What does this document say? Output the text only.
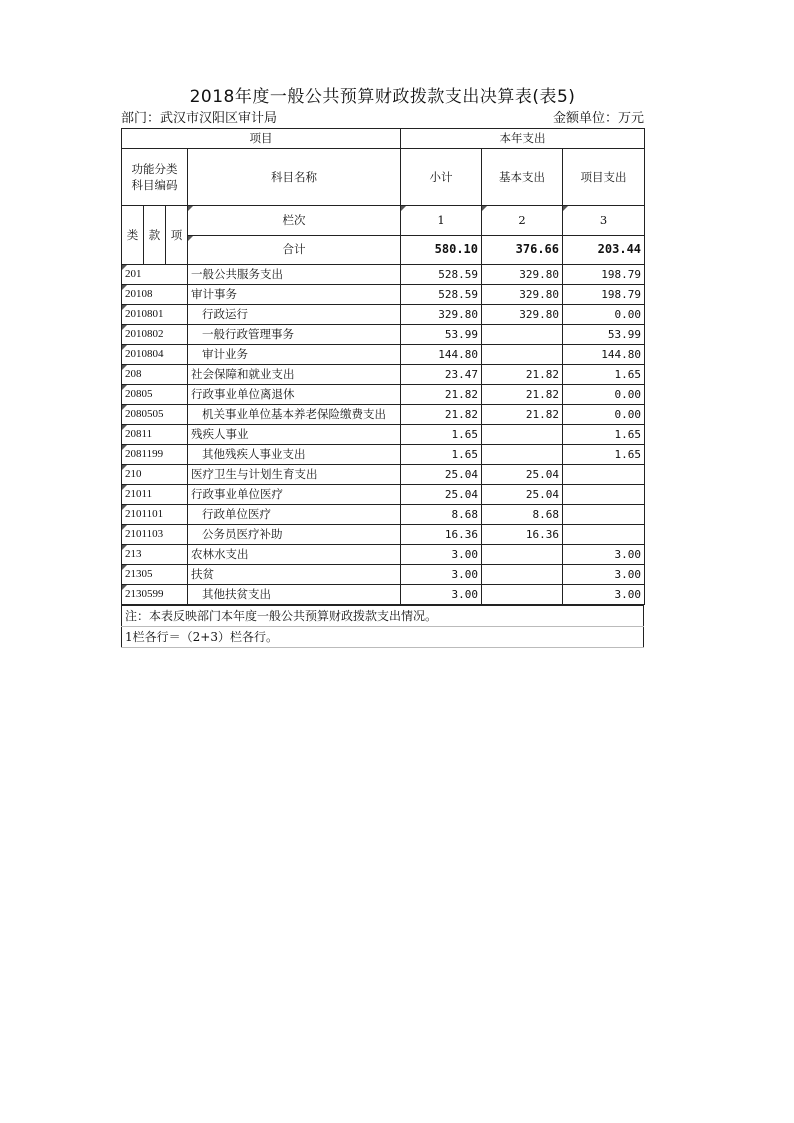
2018年度一般公共预算财政拨款支出决算表(表5)
部门：武汉市汉阳区审计局	金额单位：万元
项目				本年支出		
功能分类
科目编码			科目名称	小计	基本支出	项目支出
类	款	项				
			栏次	1	2	3
			合计	580.10	376.66	203.44
201			一般公共服务支出	528.59	329.80	198.79
20108			审计事务	528.59	329.80	198.79
2010801			行政运行	329.80	329.80	0.00
2010802			一般行政管理事务	53.99		53.99
2010804			审计业务	144.80		144.80
208			社会保障和就业支出	23.47	21.82	1.65
20805			行政事业单位离退休	21.82	21.82	0.00
2080505			机关事业单位基本养老保险缴费支出	21.82	21.82	0.00
20811			残疾人事业	1.65		1.65
2081199			其他残疾人事业支出	1.65		1.65
210			医疗卫生与计划生育支出	25.04	25.04	
21011			行政事业单位医疗	25.04	25.04	
2101101			行政单位医疗	8.68	8.68	
2101103			公务员医疗补助	16.36	16.36	
213			农林水支出	3.00		3.00
21305			扶贫	3.00		3.00
2130599			其他扶贫支出	3.00		3.00
注：本表反映部门本年度一般公共预算财政拨款支出情况。
1栏各行＝（2+3）栏各行。
